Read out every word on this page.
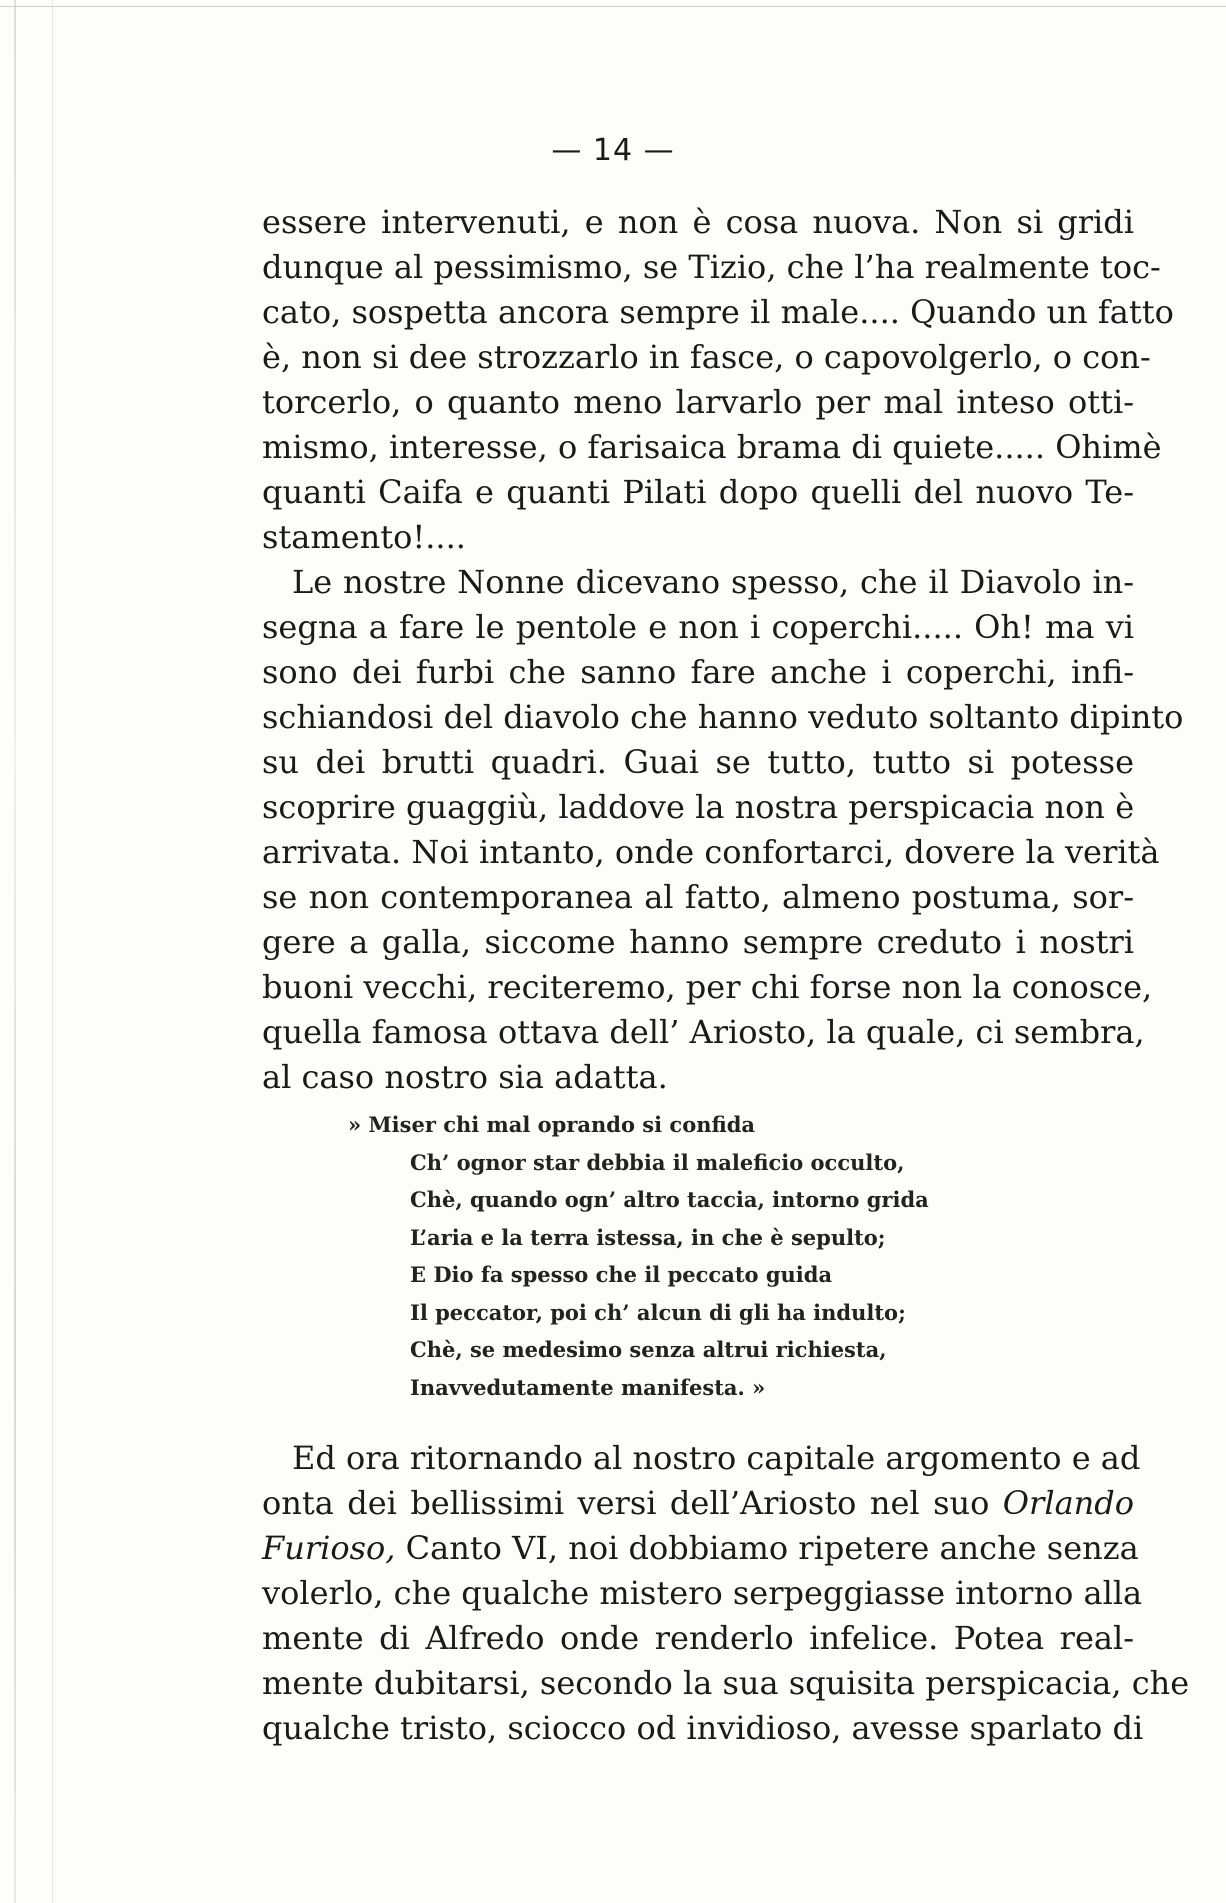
— 14 —
essere intervenuti, e non è cosa nuova. Non si gridi
dunque al pessimismo, se Tizio, che l’ha realmente toc-
cato, sospetta ancora sempre il male.... Quando un fatto
è, non si dee strozzarlo in fasce, o capovolgerlo, o con-
torcerlo, o quanto meno larvarlo per mal inteso otti-
mismo, interesse, o farisaica brama di quiete..... Ohimè
quanti Caifa e quanti Pilati dopo quelli del nuovo Te-
stamento!....
Le nostre Nonne dicevano spesso, che il Diavolo in-
segna a fare le pentole e non i coperchi..... Oh! ma vi
sono dei furbi che sanno fare anche i coperchi, infi-
schiandosi del diavolo che hanno veduto soltanto dipinto
su dei brutti quadri. Guai se tutto, tutto si potesse
scoprire guaggiù, laddove la nostra perspicacia non è
arrivata. Noi intanto, onde confortarci, dovere la verità
se non contemporanea al fatto, almeno postuma, sor-
gere a galla, siccome hanno sempre creduto i nostri
buoni vecchi, reciteremo, per chi forse non la conosce,
quella famosa ottava dell’ Ariosto, la quale, ci sembra,
al caso nostro sia adatta.
» Miser chi mal oprando si confida
Ch’ ognor star debbia il maleficio occulto,
Chè, quando ogn’ altro taccia, intorno grida
L’aria e la terra istessa, in che è sepulto;
E Dio fa spesso che il peccato guida
Il peccator, poi ch’ alcun di gli ha indulto;
Chè, se medesimo senza altrui richiesta,
Inavvedutamente manifesta. »
Ed ora ritornando al nostro capitale argomento e ad
onta dei bellissimi versi dell’Ariosto nel suo Orlando
Furioso, Canto VI, noi dobbiamo ripetere anche senza
volerlo, che qualche mistero serpeggiasse intorno alla
mente di Alfredo onde renderlo infelice. Potea real-
mente dubitarsi, secondo la sua squisita perspicacia, che
qualche tristo, sciocco od invidioso, avesse sparlato di
